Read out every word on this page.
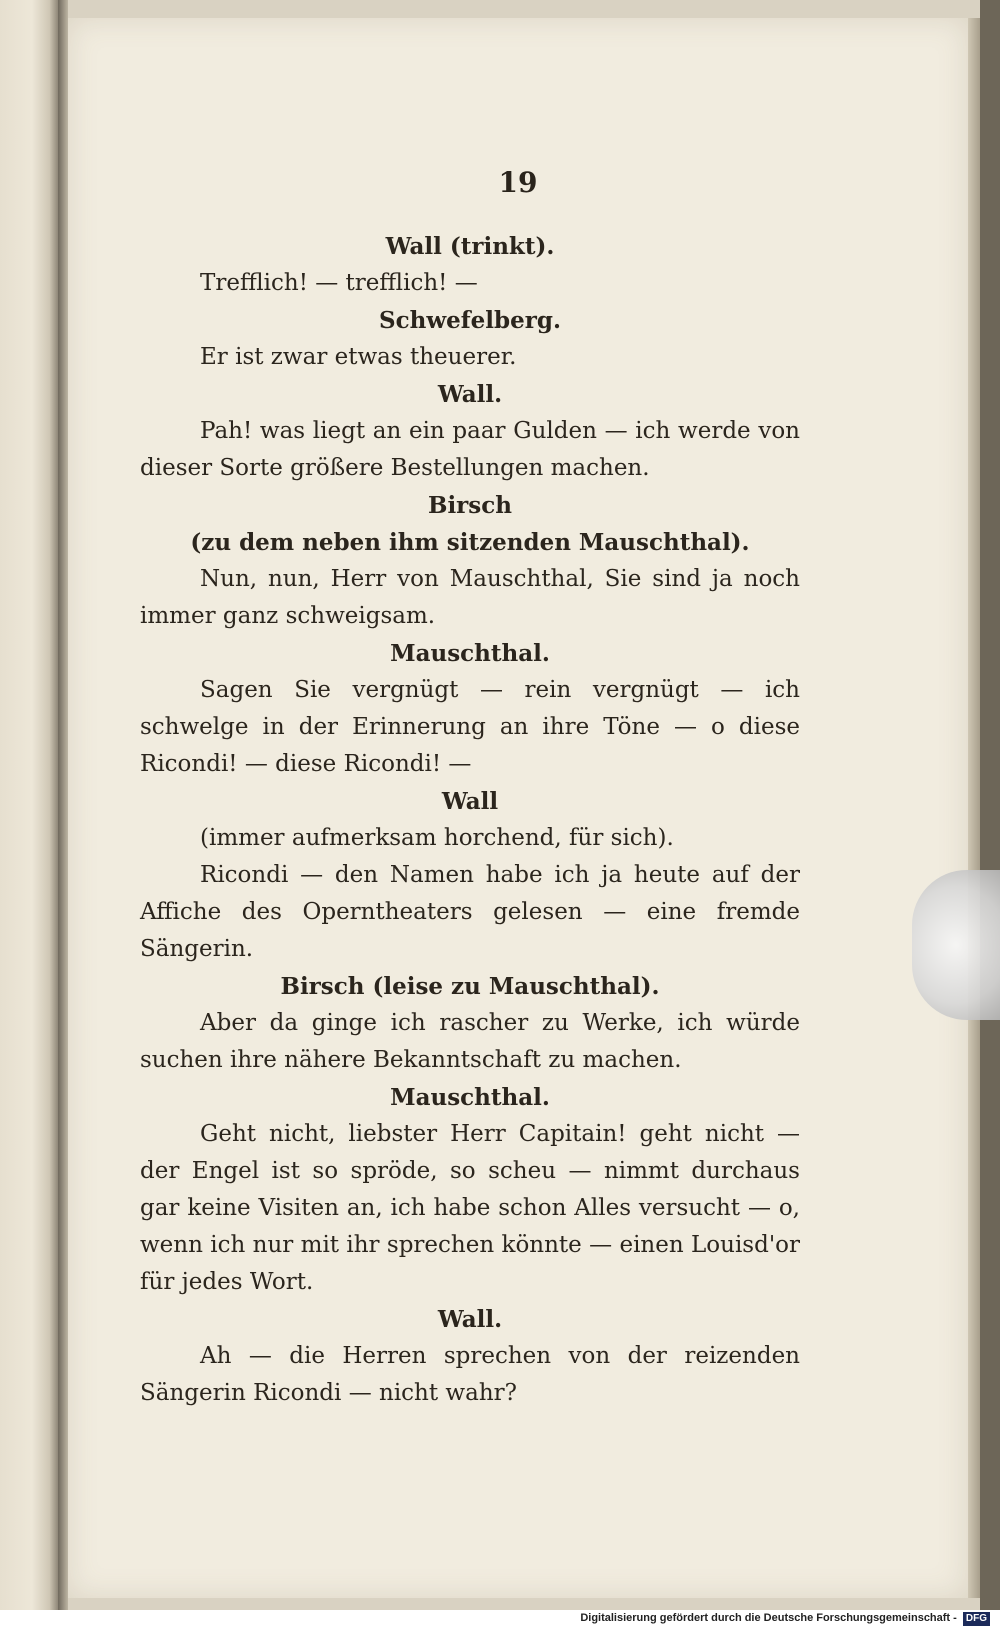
19

Wall (trinkt).

Trefflich! — trefflich! —

Schwefelberg.

Er ist zwar etwas theuerer.

Wall.

Pah! was liegt an ein paar Gulden — ich werde von dieser Sorte größere Bestellungen machen.

Birsch

(zu dem neben ihm sitzenden Mauschthal).

Nun, nun, Herr von Mauschthal, Sie sind ja noch immer ganz schweigsam.

Mauschthal.

Sagen Sie vergnügt — rein vergnügt — ich schwelge in der Erinnerung an ihre Töne — o diese Ricondi! — diese Ricondi! —

Wall

(immer aufmerksam horchend, für sich).

Ricondi — den Namen habe ich ja heute auf der Affiche des Operntheaters gelesen — eine fremde Sängerin.

Birsch (leise zu Mauschthal).

Aber da ginge ich rascher zu Werke, ich würde suchen ihre nähere Bekanntschaft zu machen.

Mauschthal.

Geht nicht, liebster Herr Capitain! geht nicht — der Engel ist so spröde, so scheu — nimmt durchaus gar keine Visiten an, ich habe schon Alles versucht — o, wenn ich nur mit ihr sprechen könnte — einen Louisd'or für jedes Wort.

Wall.

Ah — die Herren sprechen von der reizenden Sängerin Ricondi — nicht wahr?

Digitalisierung gefördert durch die Deutsche Forschungsgemeinschaft - DFG
